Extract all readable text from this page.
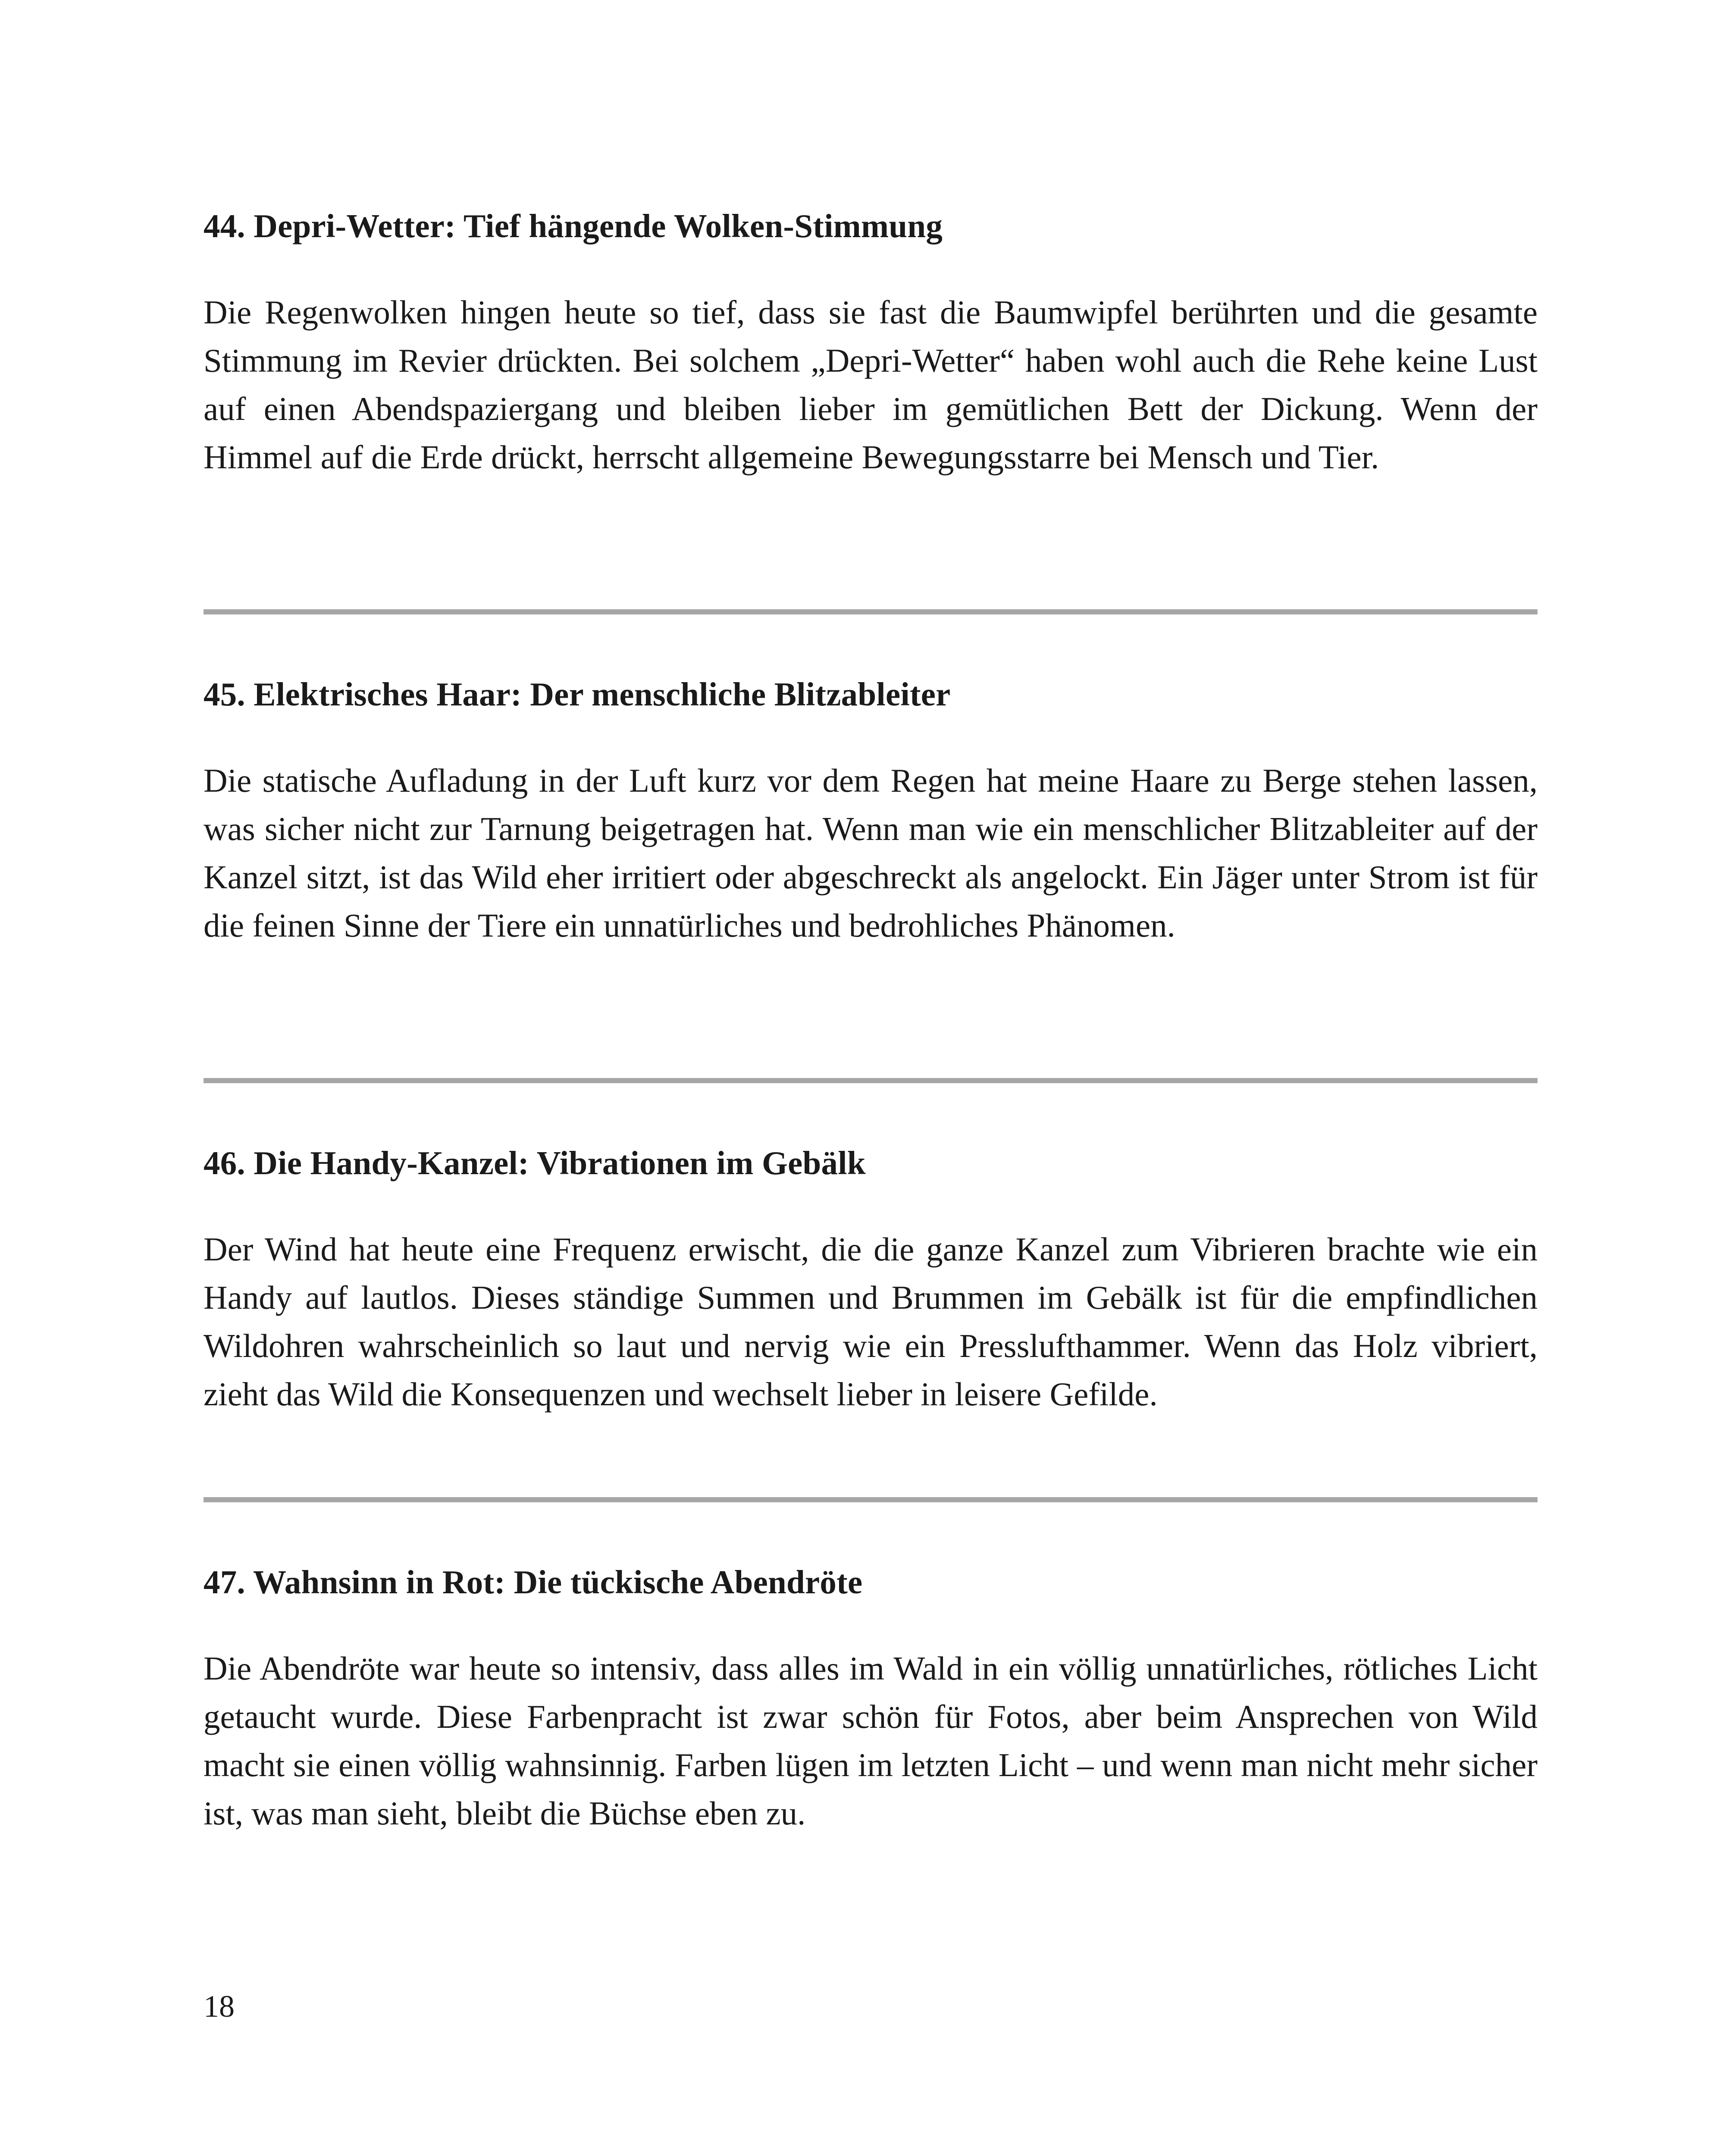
44. Depri-Wetter: Tief hängende Wolken-Stimmung

Die Regenwolken hingen heute so tief, dass sie fast die Baumwipfel berührten und die gesamte Stimmung im Revier drückten. Bei solchem „Depri-Wetter“ haben wohl auch die Rehe keine Lust auf einen Abendspaziergang und bleiben lieber im gemütlichen Bett der Dickung. Wenn der Himmel auf die Erde drückt, herrscht allgemeine Bewegungsstarre bei Mensch und Tier.

45. Elektrisches Haar: Der menschliche Blitzableiter

Die statische Aufladung in der Luft kurz vor dem Regen hat meine Haare zu Berge stehen lassen, was sicher nicht zur Tarnung beigetragen hat. Wenn man wie ein menschlicher Blitzableiter auf der Kanzel sitzt, ist das Wild eher irritiert oder abgeschreckt als angelockt. Ein Jäger unter Strom ist für die feinen Sinne der Tiere ein unnatürliches und bedrohliches Phänomen.

46. Die Handy-Kanzel: Vibrationen im Gebälk

Der Wind hat heute eine Frequenz erwischt, die die ganze Kanzel zum Vibrieren brachte wie ein Handy auf lautlos. Dieses ständige Summen und Brummen im Gebälk ist für die empfindlichen Wildohren wahrscheinlich so laut und nervig wie ein Presslufthammer. Wenn das Holz vibriert, zieht das Wild die Konsequenzen und wechselt lieber in leisere Gefilde.

47. Wahnsinn in Rot: Die tückische Abendröte

Die Abendröte war heute so intensiv, dass alles im Wald in ein völlig unnatürliches, rötliches Licht getaucht wurde. Diese Farbenpracht ist zwar schön für Fotos, aber beim Ansprechen von Wild macht sie einen völlig wahnsinnig. Farben lügen im letzten Licht – und wenn man nicht mehr sicher ist, was man sieht, bleibt die Büchse eben zu.

18
